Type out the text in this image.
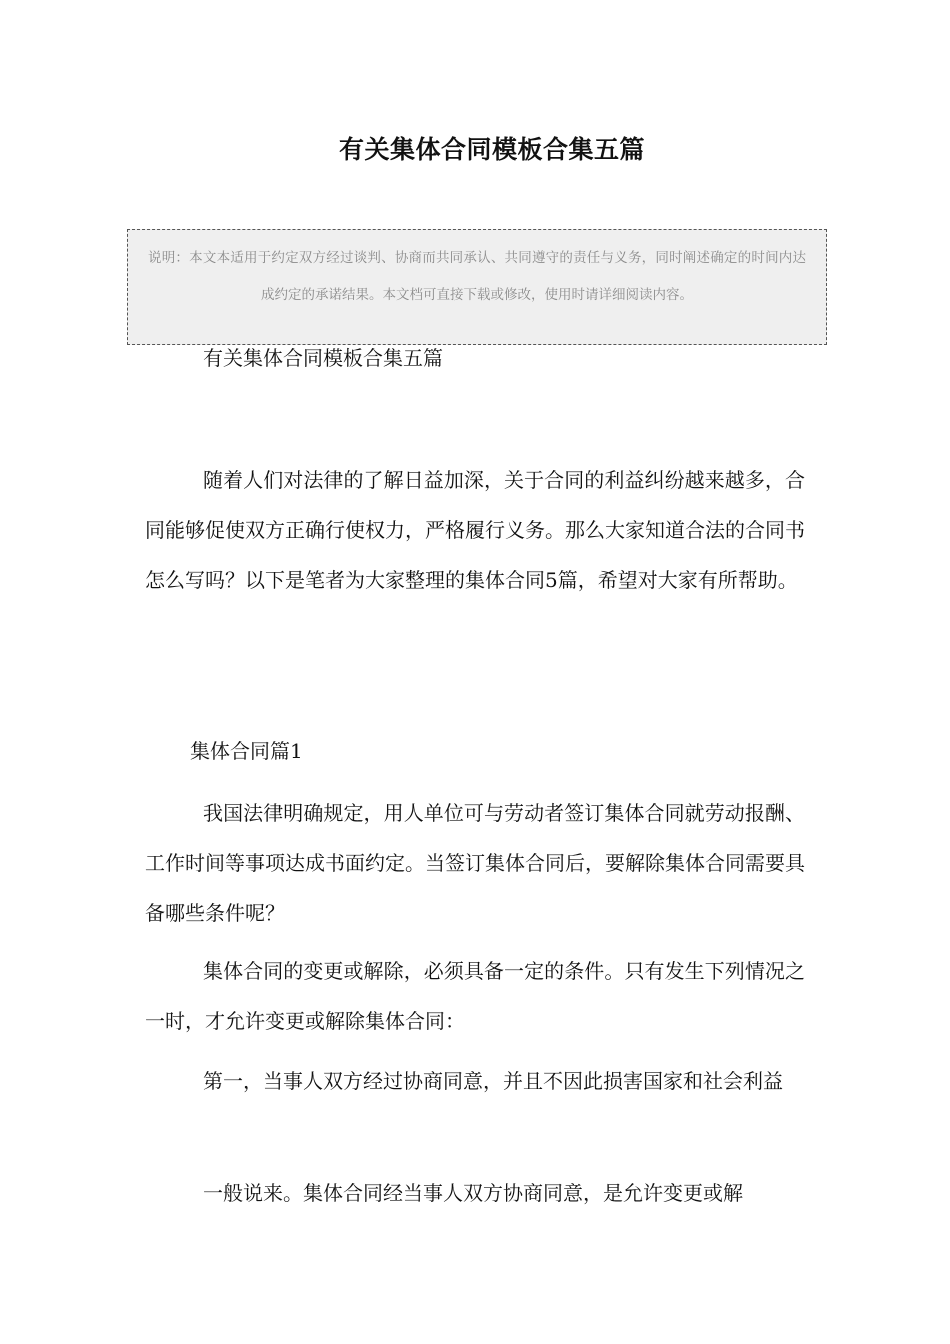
有关集体合同模板合集五篇

说明：本文本适用于约定双方经过谈判、协商而共同承认、共同遵守的责任与义务，同时阐述确定的时间内达成约定的承诺结果。本文档可直接下载或修改，使用时请详细阅读内容。

有关集体合同模板合集五篇

随着人们对法律的了解日益加深，关于合同的利益纠纷越来越多，合同能够促使双方正确行使权力，严格履行义务。那么大家知道合法的合同书怎么写吗？以下是笔者为大家整理的集体合同5篇，希望对大家有所帮助。

集体合同篇1

我国法律明确规定，用人单位可与劳动者签订集体合同就劳动报酬、工作时间等事项达成书面约定。当签订集体合同后，要解除集体合同需要具备哪些条件呢？

集体合同的变更或解除，必须具备一定的条件。只有发生下列情况之一时，才允许变更或解除集体合同：

第一，当事人双方经过协商同意，并且不因此损害国家和社会利益

一般说来。集体合同经当事人双方协商同意，是允许变更或解
